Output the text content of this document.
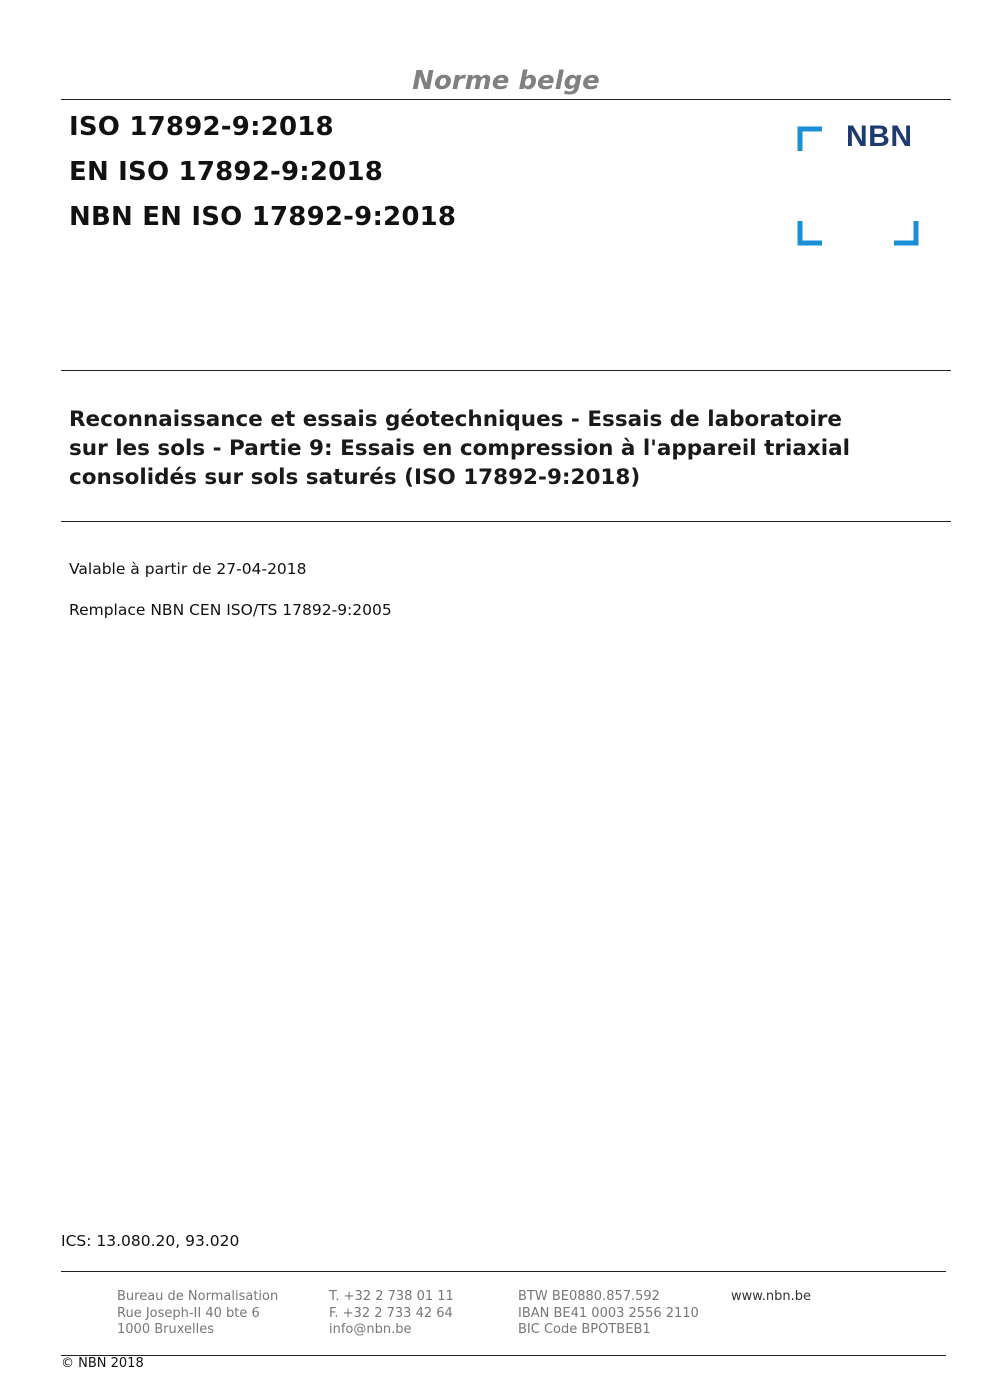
Norme belge
ISO 17892-9:2018
EN ISO 17892-9:2018
NBN EN ISO 17892-9:2018
NBN
Reconnaissance et essais géotechniques - Essais de laboratoire
sur les sols - Partie 9: Essais en compression à l'appareil triaxial
consolidés sur sols saturés (ISO 17892-9:2018)
Valable à partir de 27-04-2018
Remplace NBN CEN ISO/TS 17892-9:2005
ICS: 13.080.20, 93.020
Bureau de Normalisation
Rue Joseph-II 40 bte 6
1000 Bruxelles
T. +32 2 738 01 11
F. +32 2 733 42 64
info@nbn.be
BTW BE0880.857.592
IBAN BE41 0003 2556 2110
BIC Code BPOTBEB1
www.nbn.be
© NBN 2018
